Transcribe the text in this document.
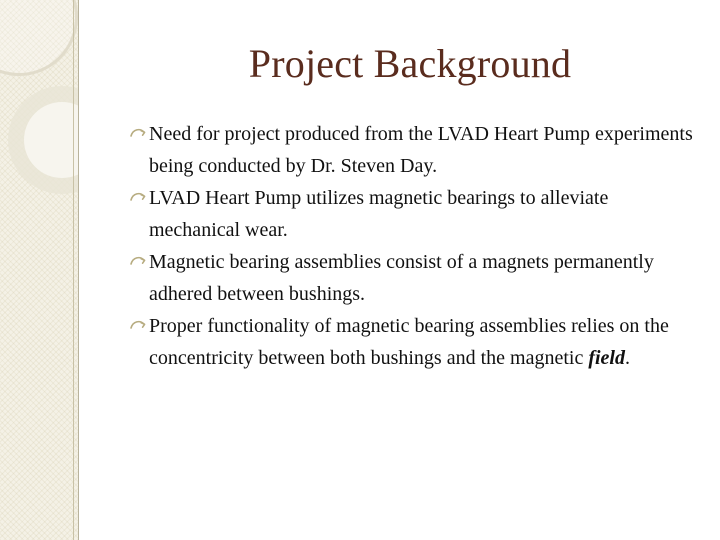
Project Background
Need for project produced from the LVAD Heart Pump experiments being conducted by Dr. Steven Day.
LVAD Heart Pump utilizes magnetic bearings to alleviate mechanical wear.
Magnetic bearing assemblies consist of a magnets permanently adhered between bushings.
Proper functionality of magnetic bearing assemblies relies on the concentricity between both bushings and the magnetic field.
